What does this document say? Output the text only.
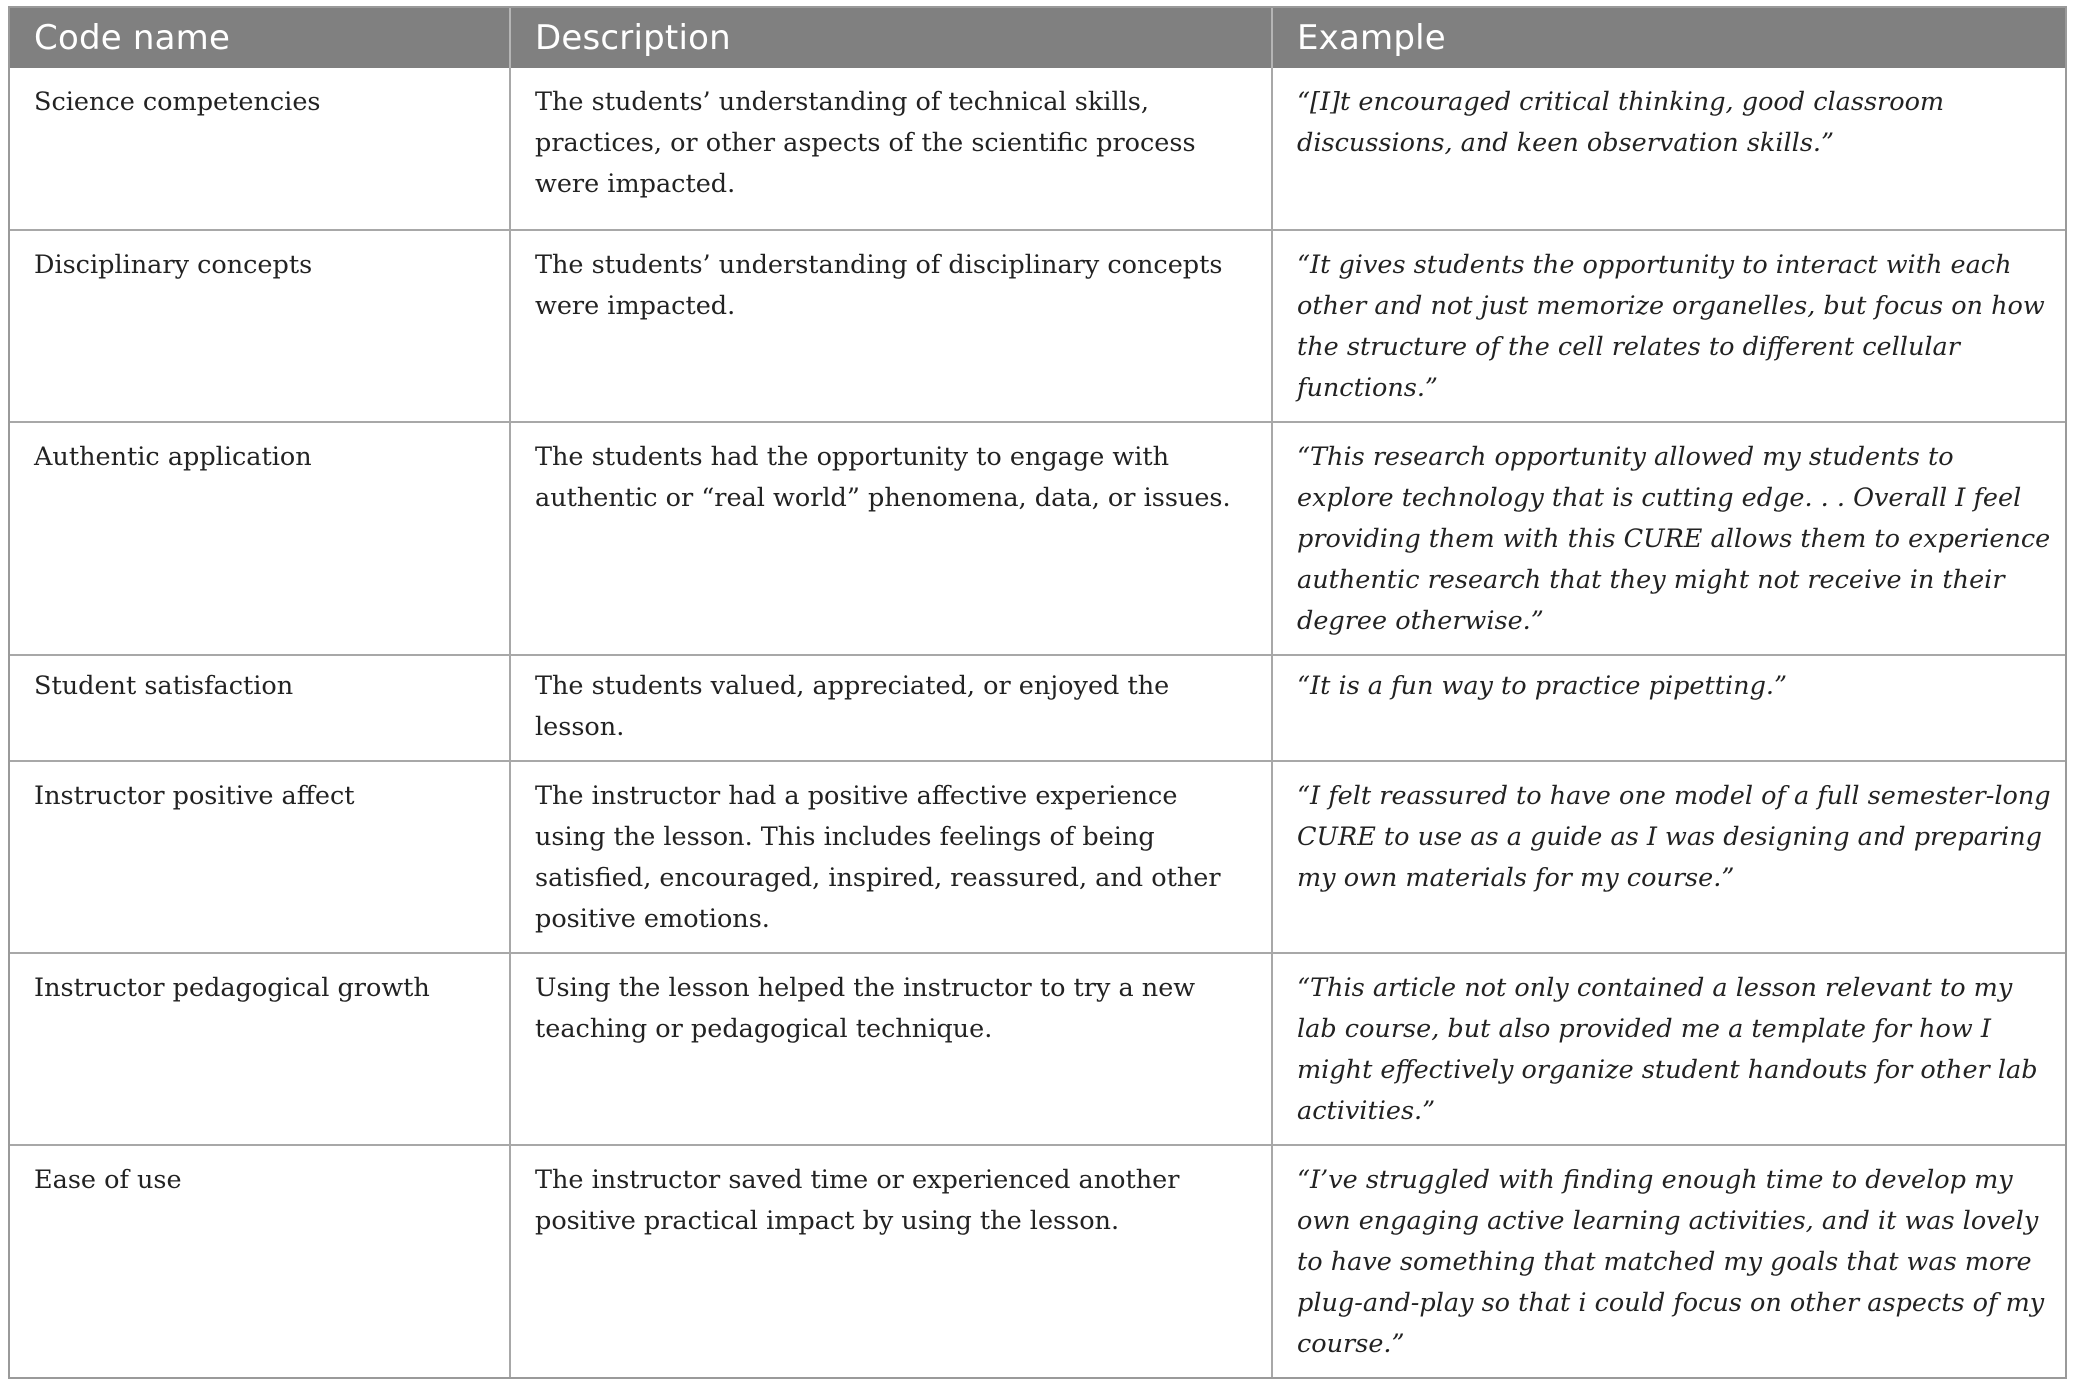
Code name	Description	Example
Science competencies	The students’ understanding of technical skills, practices, or other aspects of the scientific process were impacted.	“[I]t encouraged critical thinking, good classroom discussions, and keen observation skills.”
Disciplinary concepts	The students’ understanding of disciplinary concepts were impacted.	“It gives students the opportunity to interact with each other and not just memorize organelles, but focus on how the structure of the cell relates to different cellular functions.”
Authentic application	The students had the opportunity to engage with authentic or “real world” phenomena, data, or issues.	“This research opportunity allowed my students to explore technology that is cutting edge. . . Overall I feel providing them with this CURE allows them to experience authentic research that they might not receive in their degree otherwise.”
Student satisfaction	The students valued, appreciated, or enjoyed the lesson.	“It is a fun way to practice pipetting.”
Instructor positive affect	The instructor had a positive affective experience using the lesson. This includes feelings of being satisfied, encouraged, inspired, reassured, and other positive emotions.	“I felt reassured to have one model of a full semester-long CURE to use as a guide as I was designing and preparing my own materials for my course.”
Instructor pedagogical growth	Using the lesson helped the instructor to try a new teaching or pedagogical technique.	“This article not only contained a lesson relevant to my lab course, but also provided me a template for how I might effectively organize student handouts for other lab activities.”
Ease of use	The instructor saved time or experienced another positive practical impact by using the lesson.	“I’ve struggled with finding enough time to develop my own engaging active learning activities, and it was lovely to have something that matched my goals that was more plug-and-play so that i could focus on other aspects of my course.”
